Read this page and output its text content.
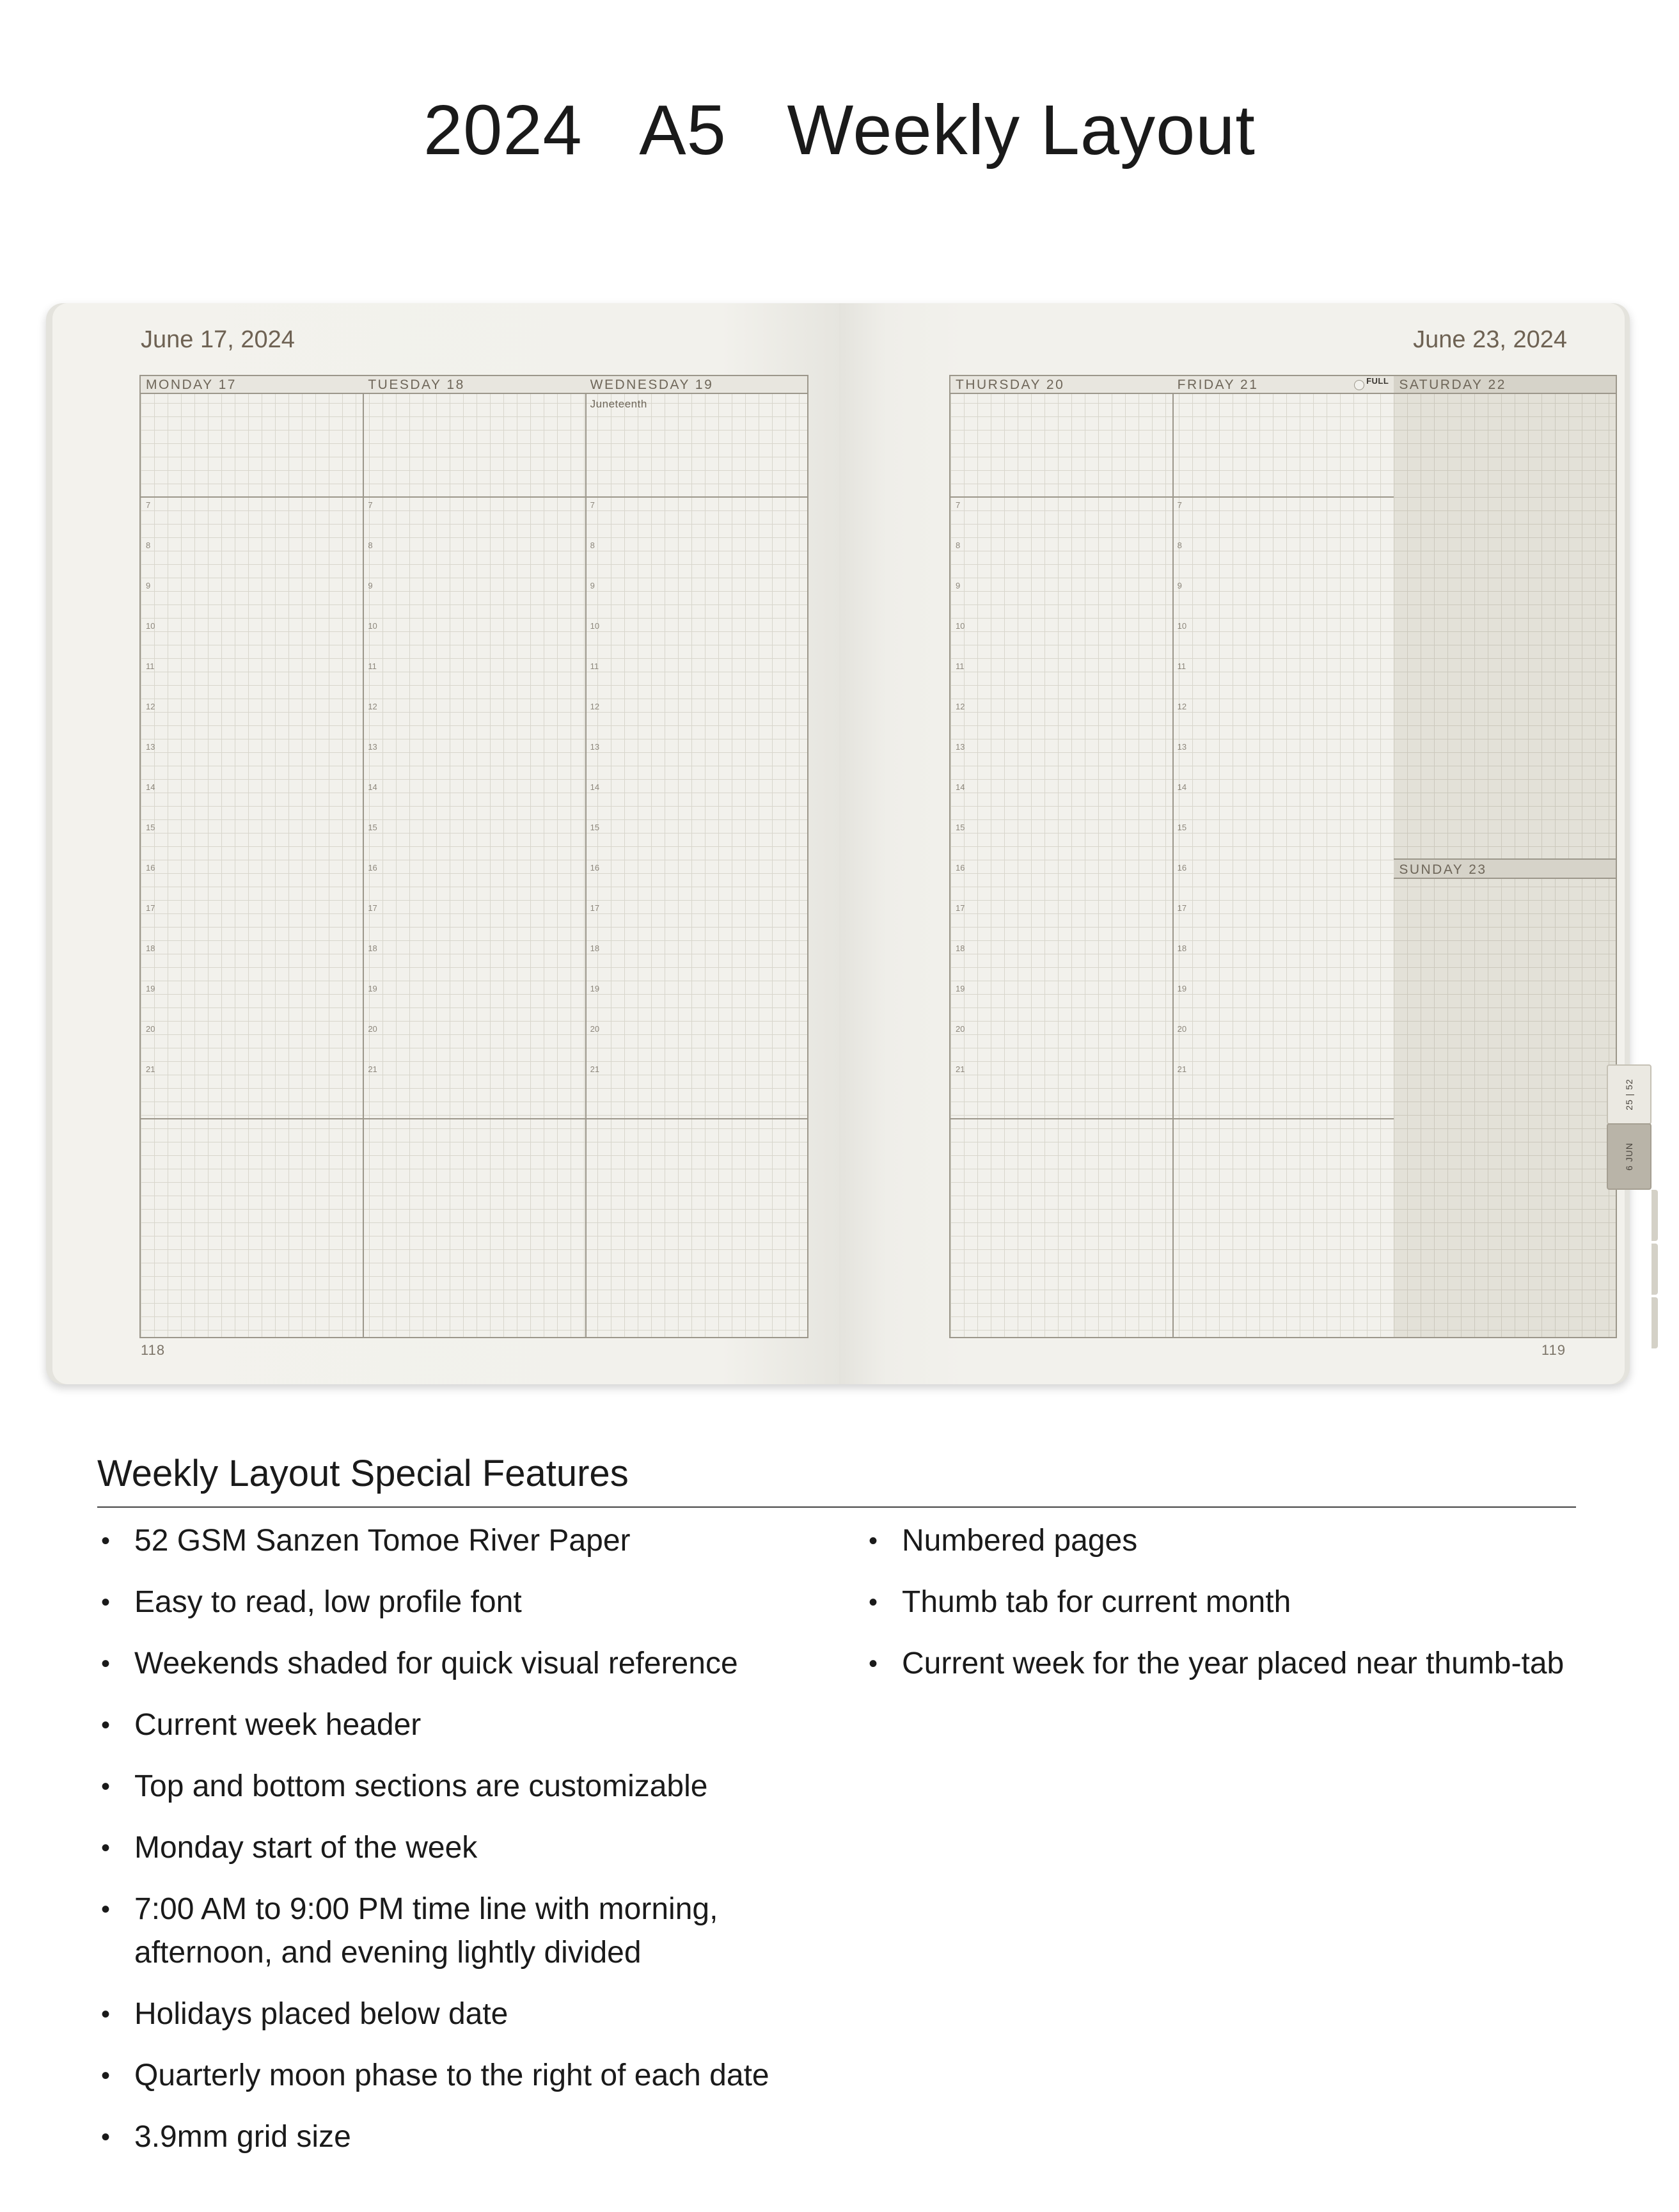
2024   A5   Weekly Layout
June 17, 2024
MONDAY 17
7
8
9
10
11
12
13
14
15
16
17
18
19
20
21
TUESDAY 18
7
8
9
10
11
12
13
14
15
16
17
18
19
20
21
WEDNESDAY 19
Juneteenth
7
8
9
10
11
12
13
14
15
16
17
18
19
20
21
118
June 23, 2024
THURSDAY 20
7
8
9
10
11
12
13
14
15
16
17
18
19
20
21
FRIDAY 21	FULL
7
8
9
10
11
12
13
14
15
16
17
18
19
20
21
SATURDAY 22
SUNDAY 23
119
25 | 52
6 JUN
Weekly Layout Special Features
• 52 GSM Sanzen Tomoe River Paper
• Easy to read, low profile font
• Weekends shaded for quick visual reference
• Current week header
• Top and bottom sections are customizable
• Monday start of the week
• 7:00 AM to 9:00 PM time line with morning, afternoon, and evening lightly divided
• Holidays placed below date
• Quarterly moon phase to the right of each date
• 3.9mm grid size
• Numbered pages
• Thumb tab for current month
• Current week for the year placed near thumb-tab
